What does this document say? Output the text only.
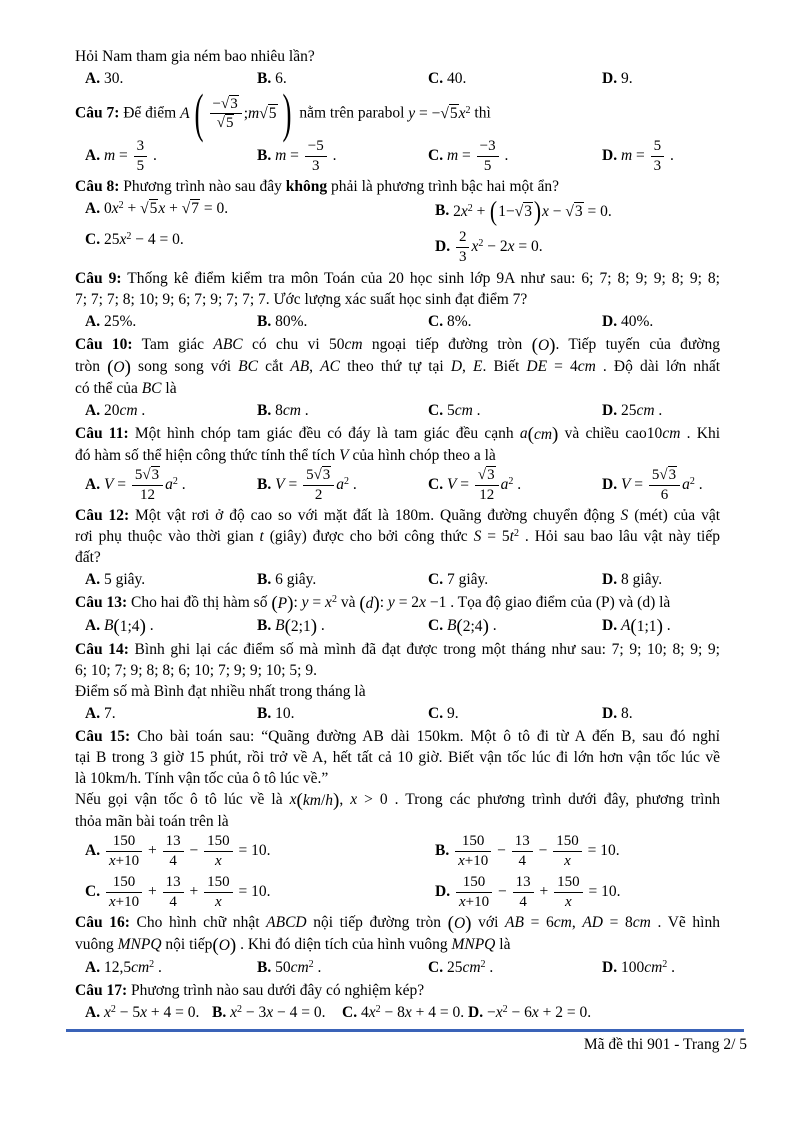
Hỏi Nam tham gia ném bao nhiêu lần?
A. 30.	B. 6.	C. 40.	D. 9.
Câu 7: Để điểm A ( $\frac{-√3}{√5}$ ; m √5 ) nằm trên parabol $y = -√5x^2$ thì
A. $m = \frac{3}{5}$ .	B. $m = \frac{-5}{3}$ .	C. $m = \frac{-3}{5}$ .	D. $m = \frac{5}{3}$ .
Câu 8: Phương trình nào sau đây không phải là phương trình bậc hai một ẩn?
A. $0x^2 + √5x + √7 = 0$.	B. $2x^2$ + ( 1− √3 ) x − √3 = 0.
C. $25x^2 - 4 = 0$.	D. $\frac{2}{3} x^2 - 2x = 0$.
Câu 9: Thống kê điểm kiểm tra môn Toán của 20 học sinh lớp 9A như sau: 6; 7; 8; 9; 9; 8; 9; 8;
7; 7; 7; 8; 10; 9; 6; 7; 9; 7; 7; 7. Ước lượng xác suất học sinh đạt điểm 7?
A. 25%.	B. 80%.	C. 8%.	D. 40%.
Câu 10: Tam giác ABC có chu vi 50cm ngoại tiếp đường tròn ( O ) . Tiếp tuyến của đường
tròn ( O ) song song với BC cắt AB, AC theo thứ tự tại D, E. Biết DE = 4cm . Độ dài lớn nhất
có thể của BC là
A. 20cm .	B. 8cm .	C. 5cm .	D. 25cm .
Câu 11: Một hình chóp tam giác đều có đáy là tam giác đều cạnh a ( cm ) và chiều cao10cm . Khi
đó hàm số thể hiện công thức tính thể tích V của hình chóp theo a là
A. $V = \frac{5√3}{12} a^2$ .	B. $V = \frac{5√3}{2} a^2$ .	C. $V = \frac{√3}{12} a^2$ .	D. $V = \frac{5√3}{6} a^2$ .
Câu 12: Một vật rơi ở độ cao so với mặt đất là 180m. Quãng đường chuyển động S (mét) của vật
rơi phụ thuộc vào thời gian t (giây) được cho bởi công thức $S = 5t^2$ . Hỏi sau bao lâu vật này tiếp
đất?
A. 5 giây.	B. 6 giây.	C. 7 giây.	D. 8 giây.
Câu 13: Cho hai đồ thị hàm số ( P ) : $y = x^2$ và ( d ) : y = 2x −1 . Tọa độ giao điểm của (P) và (d) là
A. B ( 1;4 ) .	B. B ( 2;1 ) .	C. B ( 2;4 ) .	D. A ( 1;1 ) .
Câu 14: Bình ghi lại các điểm số mà mình đã đạt được trong một tháng như sau: 7; 9; 10; 8; 9; 9;
6; 10; 7; 9; 8; 8; 6; 10; 7; 9; 9; 10; 5; 9.
Điểm số mà Bình đạt nhiều nhất trong tháng là
A. 7.	B. 10.	C. 9.	D. 8.
Câu 15: Cho bài toán sau: “Quãng đường AB dài 150km. Một ô tô đi từ A đến B, sau đó nghỉ
tại B trong 3 giờ 15 phút, rồi trở về A, hết tất cả 10 giờ. Biết vận tốc lúc đi lớn hơn vận tốc lúc về
là 10km/h. Tính vận tốc của ô tô lúc về.”
Nếu gọi vận tốc ô tô lúc về là x ( km / h ) , x > 0 . Trong các phương trình dưới đây, phương trình
thỏa mãn bài toán trên là
A. $\frac{150}{x+10} + \frac{13}{4} - \frac{150}{x} = 10$.	B. $\frac{150}{x+10} - \frac{13}{4} - \frac{150}{x} = 10$.
C. $\frac{150}{x+10} + \frac{13}{4} + \frac{150}{x} = 10$.	D. $\frac{150}{x+10} - \frac{13}{4} + \frac{150}{x} = 10$.
Câu 16: Cho hình chữ nhật ABCD nội tiếp đường tròn ( O ) với AB = 6cm, AD = 8cm . Vẽ hình
vuông MNPQ nội tiếp ( O ) . Khi đó diện tích của hình vuông MNPQ là
A. $12,5cm^2$ .	B. $50cm^2$ .	C. $25cm^2$ .	D. $100cm^2$ .
Câu 17: Phương trình nào sau dưới đây có nghiệm kép?
A. $x^2 - 5x + 4 = 0$. B. $x^2 - 3x - 4 = 0$.	C. $4x^2 - 8x + 4 = 0$. D. $-x^2 - 6x + 2 = 0$.
Mã đề thi 901 - Trang 2/ 5
